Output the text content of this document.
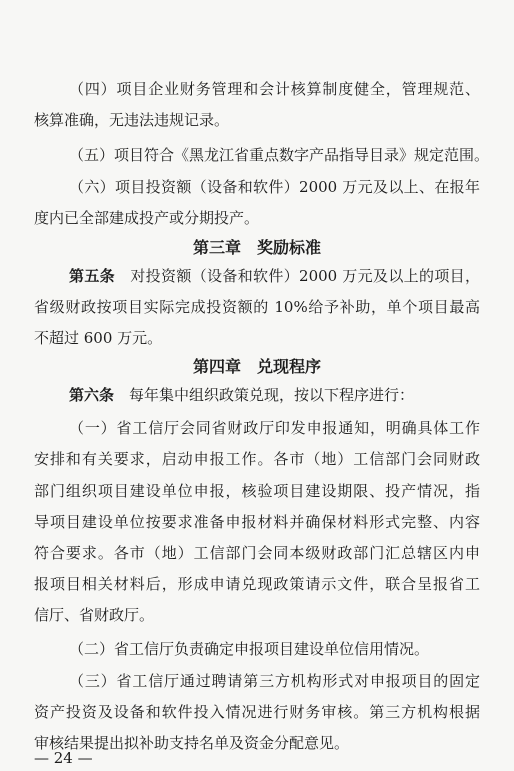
（四）项目企业财务管理和会计核算制度健全，管理规范、
核算准确，无违法违规记录。
（五）项目符合《黑龙江省重点数字产品指导目录》规定范围。
（六）项目投资额（设备和软件）2000 万元及以上、在报年
度内已全部建成投产或分期投产。
第三章　奖励标准
第五条　对投资额（设备和软件）2000 万元及以上的项目，
省级财政按项目实际完成投资额的 10%给予补助，单个项目最高
不超过 600 万元。
第四章　兑现程序
第六条　每年集中组织政策兑现，按以下程序进行：
（一）省工信厅会同省财政厅印发申报通知，明确具体工作
安排和有关要求，启动申报工作。各市（地）工信部门会同财政
部门组织项目建设单位申报，核验项目建设期限、投产情况，指
导项目建设单位按要求准备申报材料并确保材料形式完整、内容
符合要求。各市（地）工信部门会同本级财政部门汇总辖区内申
报项目相关材料后，形成申请兑现政策请示文件，联合呈报省工
信厅、省财政厅。
（二）省工信厅负责确定申报项目建设单位信用情况。
（三）省工信厅通过聘请第三方机构形式对申报项目的固定
资产投资及设备和软件投入情况进行财务审核。第三方机构根据
审核结果提出拟补助支持名单及资金分配意见。
— 24 —
